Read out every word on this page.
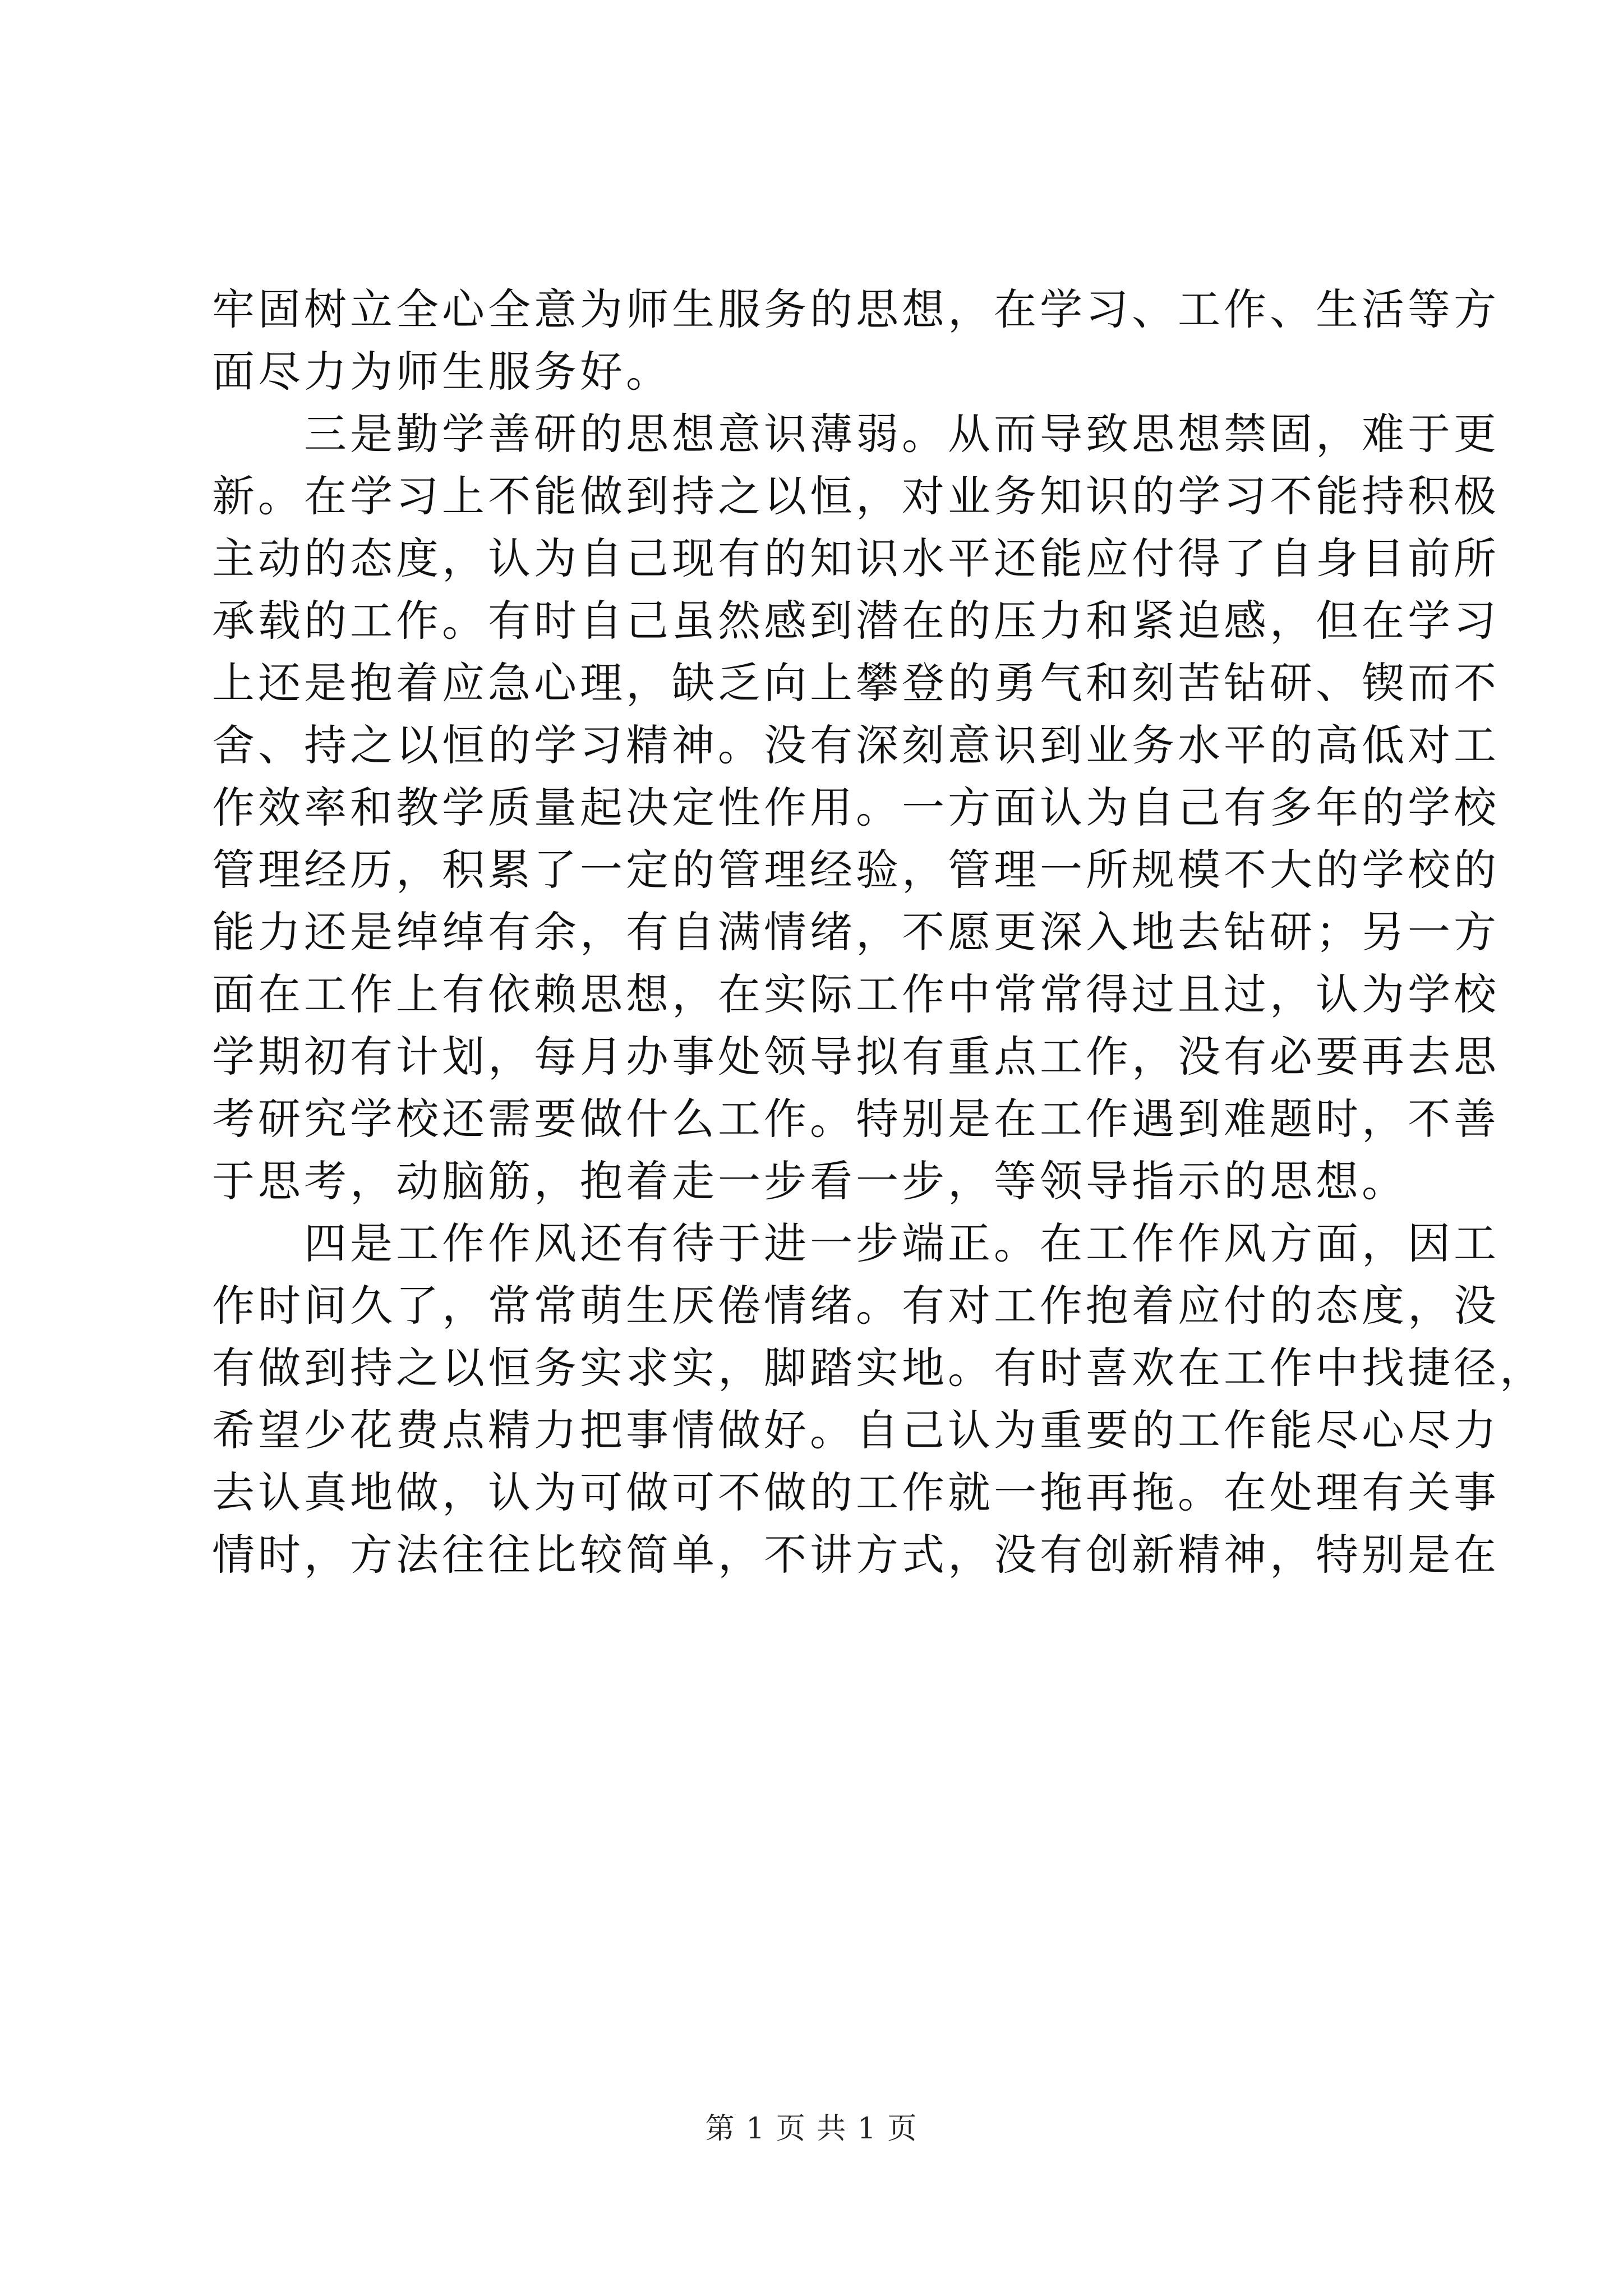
牢固树立全心全意为师生服务的思想，在学习、工作、生活等方
面尽力为师生服务好。
　　三是勤学善研的思想意识薄弱。从而导致思想禁固，难于更
新。在学习上不能做到持之以恒，对业务知识的学习不能持积极
主动的态度，认为自己现有的知识水平还能应付得了自身目前所
承载的工作。有时自己虽然感到潜在的压力和紧迫感，但在学习
上还是抱着应急心理，缺乏向上攀登的勇气和刻苦钻研、锲而不
舍、持之以恒的学习精神。没有深刻意识到业务水平的高低对工
作效率和教学质量起决定性作用。一方面认为自己有多年的学校
管理经历，积累了一定的管理经验，管理一所规模不大的学校的
能力还是绰绰有余，有自满情绪，不愿更深入地去钻研；另一方
面在工作上有依赖思想，在实际工作中常常得过且过，认为学校
学期初有计划，每月办事处领导拟有重点工作，没有必要再去思
考研究学校还需要做什么工作。特别是在工作遇到难题时，不善
于思考，动脑筋，抱着走一步看一步，等领导指示的思想。
　　四是工作作风还有待于进一步端正。在工作作风方面，因工
作时间久了，常常萌生厌倦情绪。有对工作抱着应付的态度，没
有做到持之以恒务实求实，脚踏实地。有时喜欢在工作中找捷径，
希望少花费点精力把事情做好。自己认为重要的工作能尽心尽力
去认真地做，认为可做可不做的工作就一拖再拖。在处理有关事
情时，方法往往比较简单，不讲方式，没有创新精神，特别是在
第 1 页 共 1 页
